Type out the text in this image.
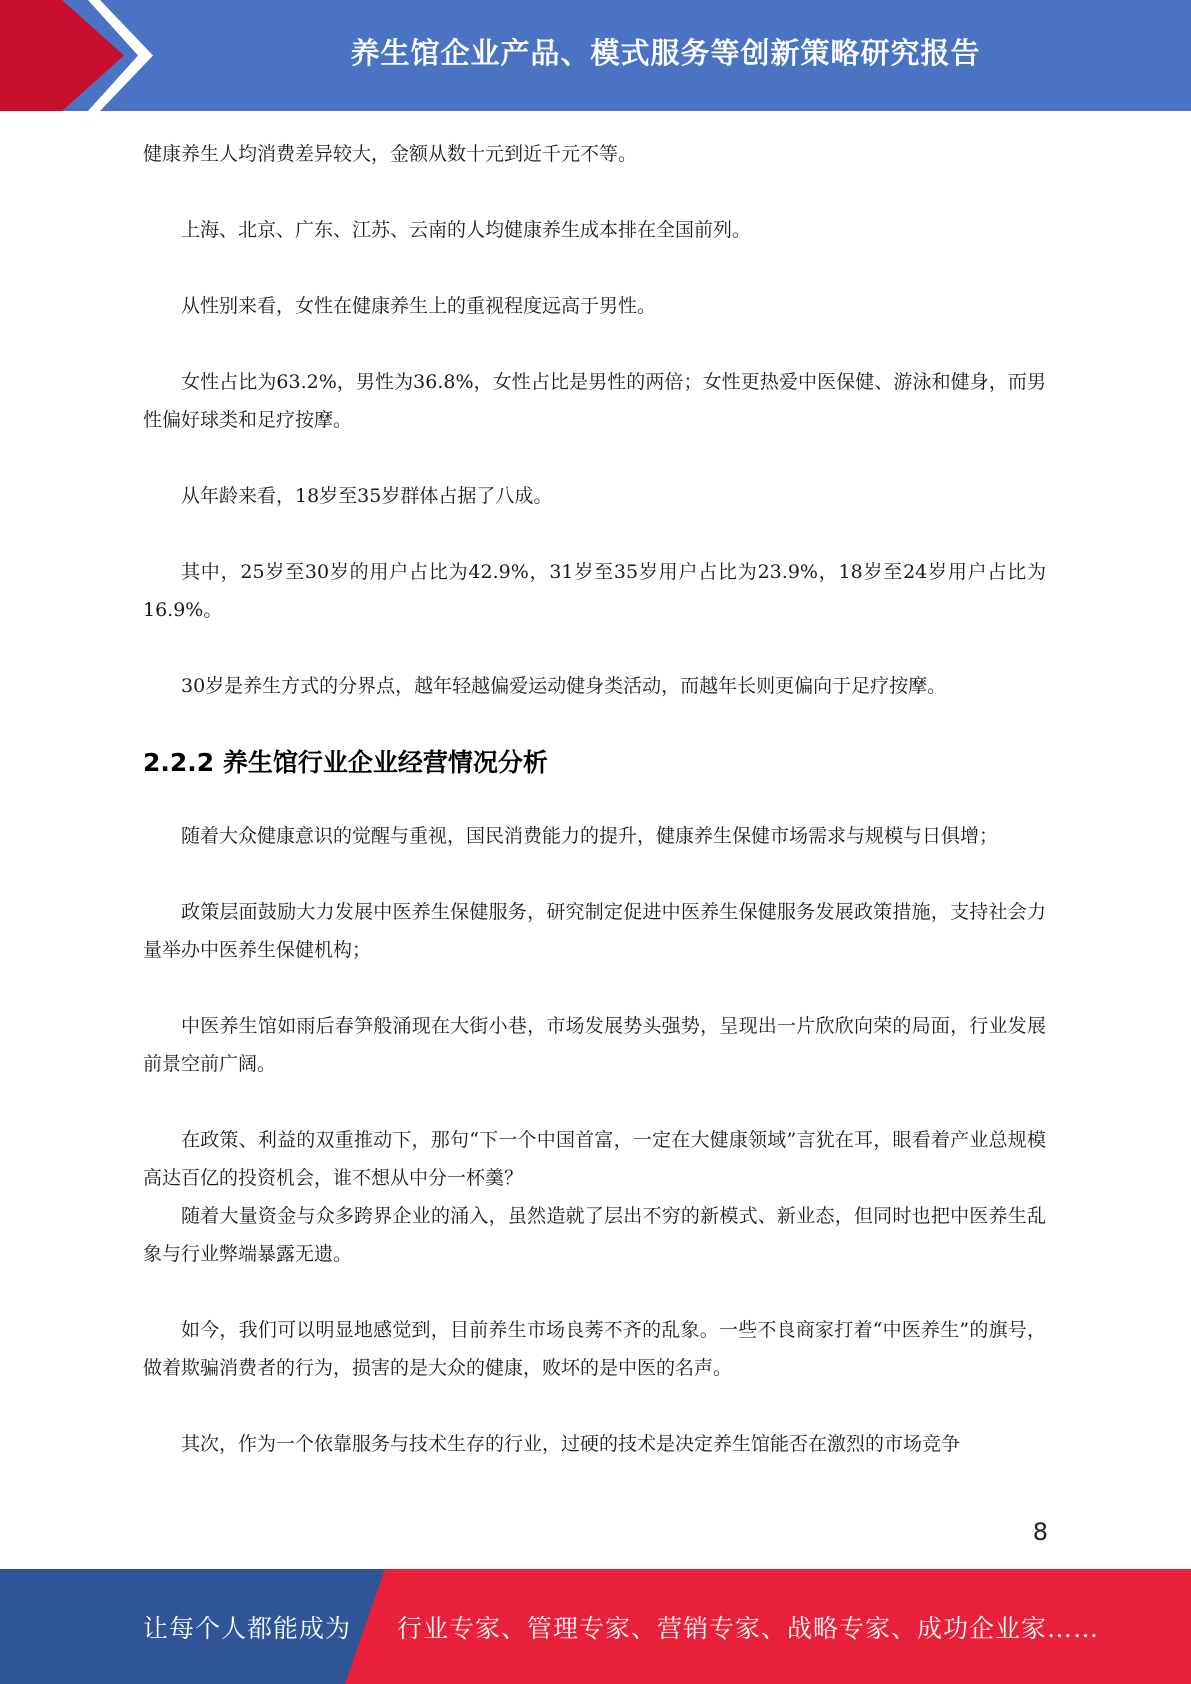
养生馆企业产品、模式服务等创新策略研究报告

健康养生人均消费差异较大，金额从数十元到近千元不等。

上海、北京、广东、江苏、云南的人均健康养生成本排在全国前列。

从性别来看，女性在健康养生上的重视程度远高于男性。

女性占比为63.2%，男性为36.8%，女性占比是男性的两倍；女性更热爱中医保健、游泳和健身，而男性偏好球类和足疗按摩。

从年龄来看，18岁至35岁群体占据了八成。

其中，25岁至30岁的用户占比为42.9%，31岁至35岁用户占比为23.9%，18岁至24岁用户占比为16.9%。

30岁是养生方式的分界点，越年轻越偏爱运动健身类活动，而越年长则更偏向于足疗按摩。

2.2.2 养生馆行业企业经营情况分析

随着大众健康意识的觉醒与重视，国民消费能力的提升，健康养生保健市场需求与规模与日俱增；

政策层面鼓励大力发展中医养生保健服务，研究制定促进中医养生保健服务发展政策措施，支持社会力量举办中医养生保健机构；

中医养生馆如雨后春笋般涌现在大街小巷，市场发展势头强势，呈现出一片欣欣向荣的局面，行业发展前景空前广阔。

在政策、利益的双重推动下，那句“下一个中国首富，一定在大健康领域”言犹在耳，眼看着产业总规模高达百亿的投资机会，谁不想从中分一杯羹？

随着大量资金与众多跨界企业的涌入，虽然造就了层出不穷的新模式、新业态，但同时也把中医养生乱象与行业弊端暴露无遗。

如今，我们可以明显地感觉到，目前养生市场良莠不齐的乱象。一些不良商家打着“中医养生”的旗号，做着欺骗消费者的行为，损害的是大众的健康，败坏的是中医的名声。

其次，作为一个依靠服务与技术生存的行业，过硬的技术是决定养生馆能否在激烈的市场竞争

8
让每个人都能成为 行业专家、管理专家、营销专家、战略专家、成功企业家……
